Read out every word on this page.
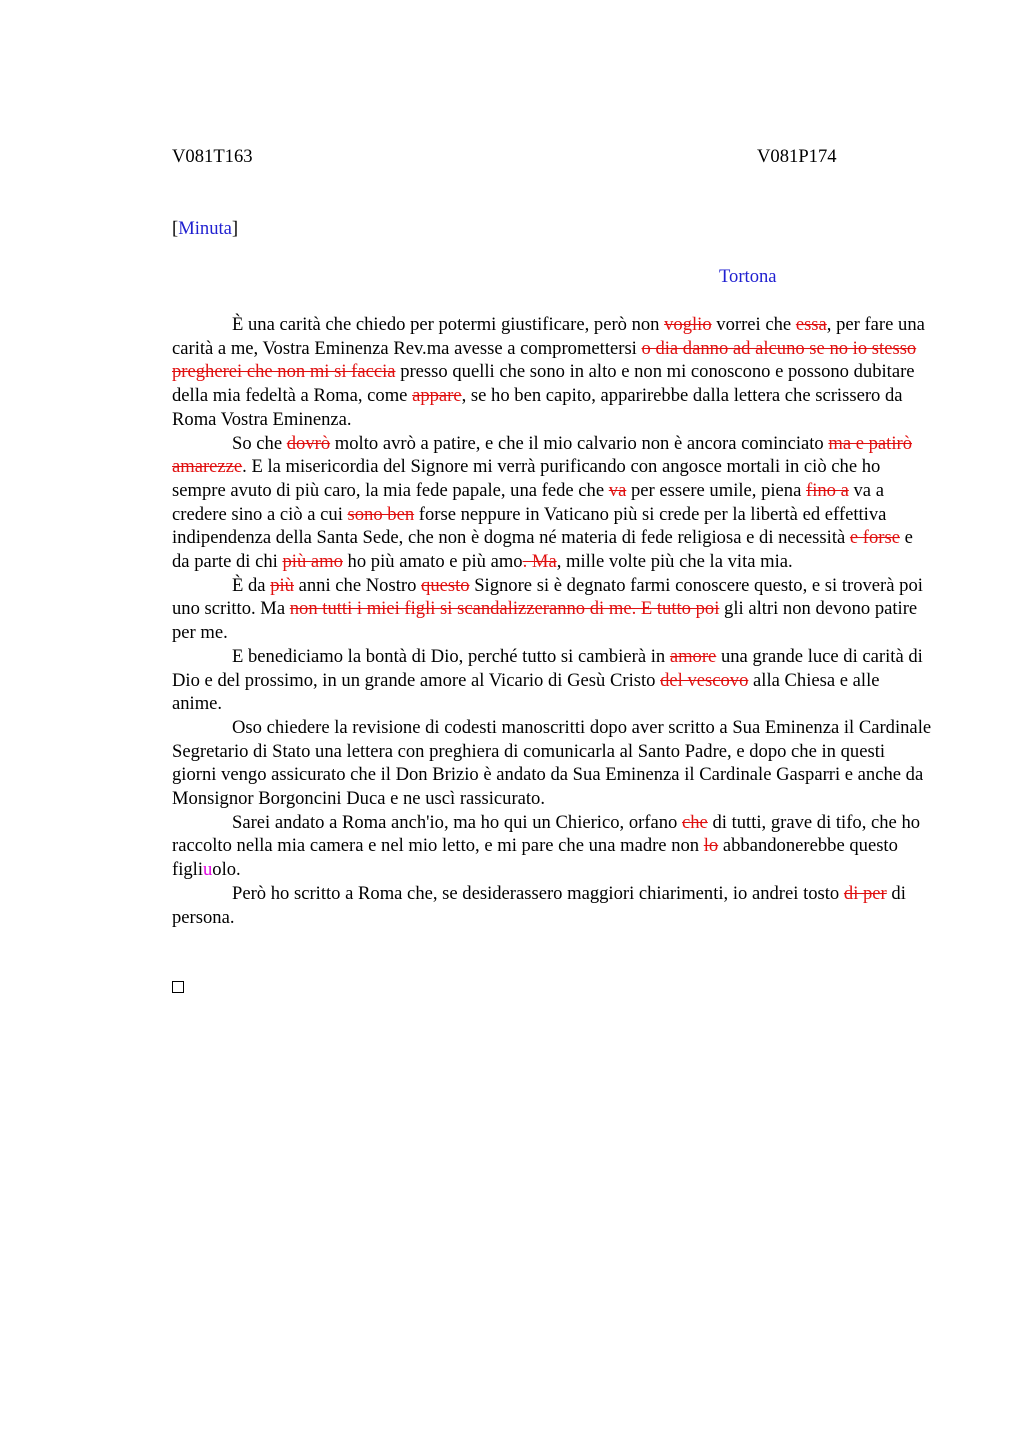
V081T163	V081P174
[Minuta]
Tortona

È una carità che chiedo per potermi giustificare, però non voglio vorrei che essa, per fare una carità a me, Vostra Eminenza Rev.ma avesse a compromettersi o dia danno ad alcuno se no io stesso pregherei che non mi si faccia presso quelli che sono in alto e non mi conoscono e possono dubitare della mia fedeltà a Roma, come appare, se ho ben capito, apparirebbe dalla lettera che scrissero da Roma Vostra Eminenza.

So che dovrò molto avrò a patire, e che il mio calvario non è ancora cominciato ma e patirò amarezze. E la misericordia del Signore mi verrà purificando con angosce mortali in ciò che ho sempre avuto di più caro, la mia fede papale, una fede che va per essere umile, piena fino a va a credere sino a ciò a cui sono ben forse neppure in Vaticano più si crede per la libertà ed effettiva indipendenza della Santa Sede, che non è dogma né materia di fede religiosa e di necessità e forse e da parte di chi più amo ho più amato e più amo. Ma, mille volte più che la vita mia.

È da più anni che Nostro questo Signore si è degnato farmi conoscere questo, e si troverà poi uno scritto. Ma non tutti i miei figli si scandalizzeranno di me. E tutto poi gli altri non devono patire per me.

E benediciamo la bontà di Dio, perché tutto si cambierà in amore una grande luce di carità di Dio e del prossimo, in un grande amore al Vicario di Gesù Cristo del vescovo alla Chiesa e alle anime.

Oso chiedere la revisione di codesti manoscritti dopo aver scritto a Sua Eminenza il Cardinale Segretario di Stato una lettera con preghiera di comunicarla al Santo Padre, e dopo che in questi giorni vengo assicurato che il Don Brizio è andato da Sua Eminenza il Cardinale Gasparri e anche da Monsignor Borgoncini Duca e ne uscì rassicurato.

Sarei andato a Roma anch'io, ma ho qui un Chierico, orfano che di tutti, grave di tifo, che ho raccolto nella mia camera e nel mio letto, e mi pare che una madre non lo abbandonerebbe questo figliuolo.

Però ho scritto a Roma che, se desiderassero maggiori chiarimenti, io andrei tosto di per di persona.
